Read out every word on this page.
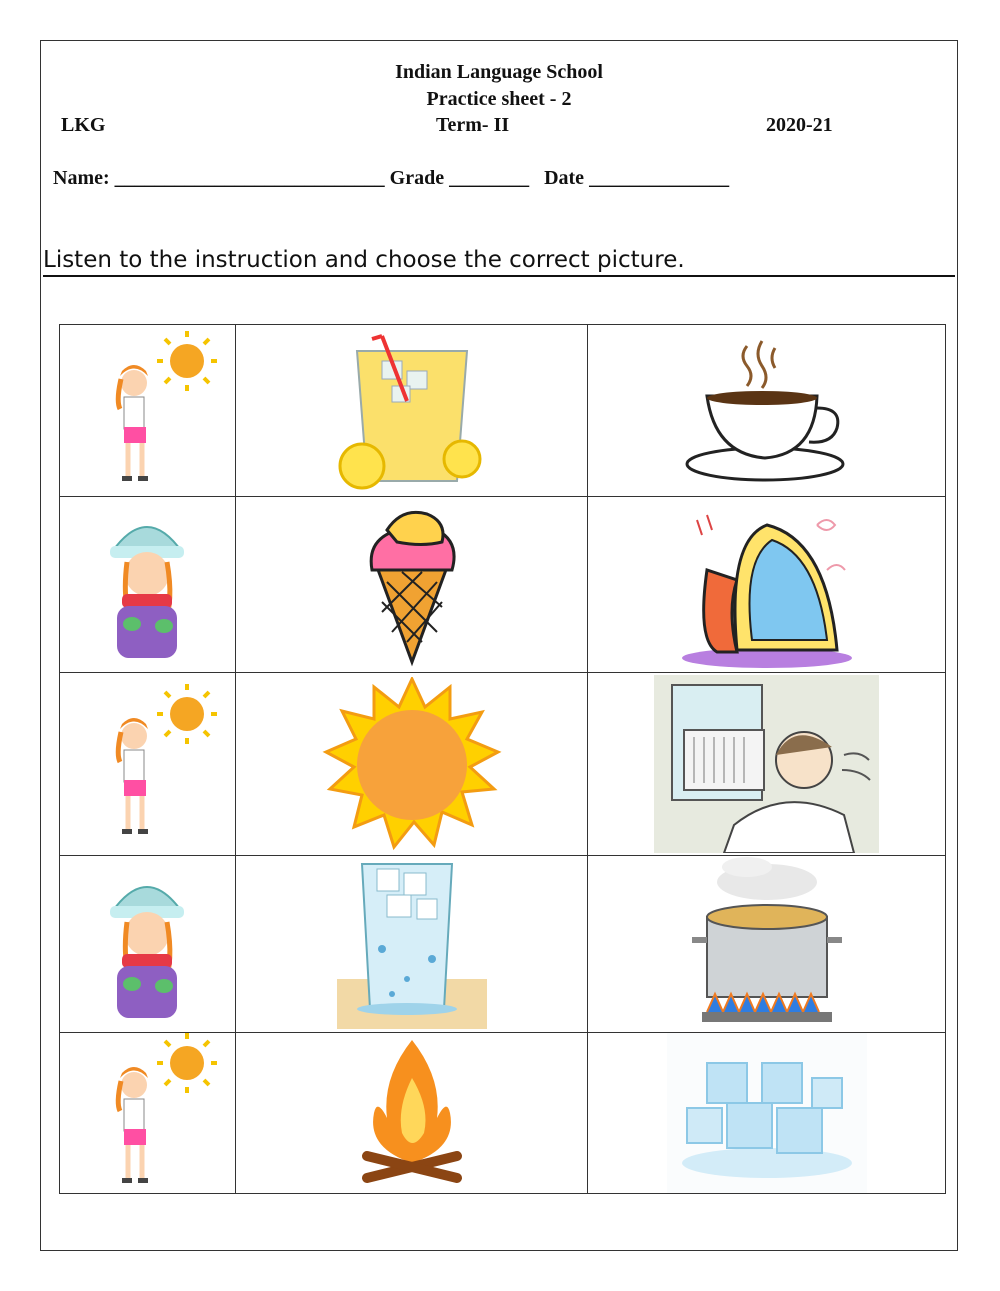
Indian Language School
Practice sheet - 2
LKG	Term- II	2020-21
Name: ___________________________ Grade ________ Date ______________
Listen to the instruction and choose the correct picture.
